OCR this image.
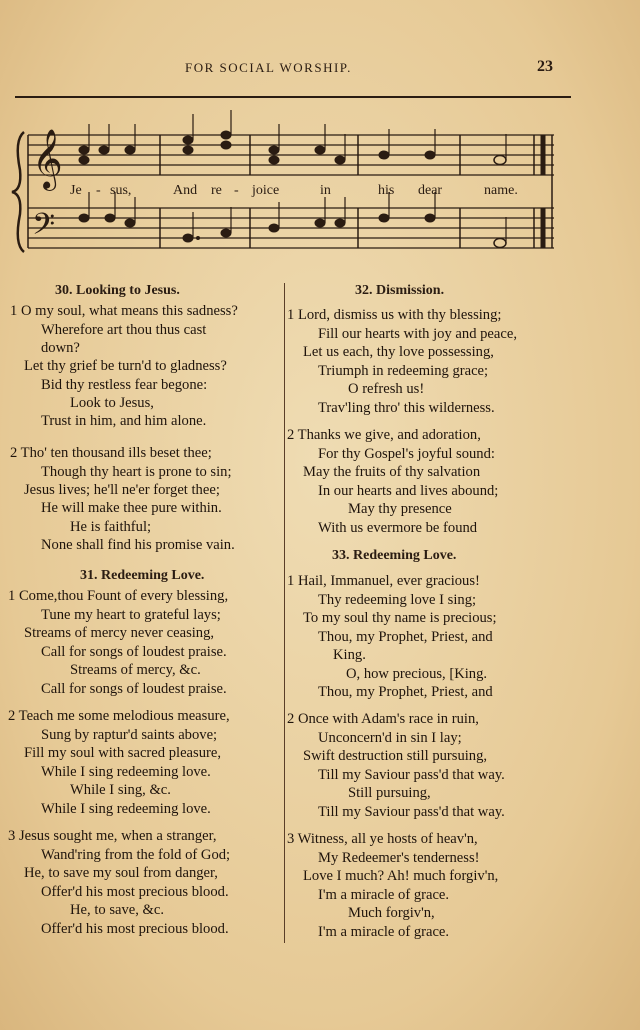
FOR SOCIAL WORSHIP.	23
𝄞
𝄢
Je - sus,	And re - joice	in	his dear	name.
30. Looking to Jesus.
1 O my soul, what means this sadness?
Wherefore art thou thus cast
down?
Let thy grief be turn'd to gladness?
Bid thy restless fear begone:
Look to Jesus,
Trust in him, and him alone.
2 Tho' ten thousand ills beset thee;
Though thy heart is prone to sin;
Jesus lives; he'll ne'er forget thee;
He will make thee pure within.
He is faithful;
None shall find his promise vain.
31. Redeeming Love.
1 Come,thou Fount of every blessing,
Tune my heart to grateful lays;
Streams of mercy never ceasing,
Call for songs of loudest praise.
Streams of mercy, &c.
Call for songs of loudest praise.
2 Teach me some melodious measure,
Sung by raptur'd saints above;
Fill my soul with sacred pleasure,
While I sing redeeming love.
While I sing, &c.
While I sing redeeming love.
3 Jesus sought me, when a stranger,
Wand'ring from the fold of God;
He, to save my soul from danger,
Offer'd his most precious blood.
He, to save, &c.
Offer'd his most precious blood.
32. Dismission.
1 Lord, dismiss us with thy blessing;
Fill our hearts with joy and peace,
Let us each, thy love possessing,
Triumph in redeeming grace;
O refresh us!
Trav'ling thro' this wilderness.
2 Thanks we give, and adoration,
For thy Gospel's joyful sound:
May the fruits of thy salvation
In our hearts and lives abound;
May thy presence
With us evermore be found
33. Redeeming Love.
1 Hail, Immanuel, ever gracious!
Thy redeeming love I sing;
To my soul thy name is precious;
Thou, my Prophet, Priest, and
King.
O, how precious, [King.
Thou, my Prophet, Priest, and
2 Once with Adam's race in ruin,
Unconcern'd in sin I lay;
Swift destruction still pursuing,
Till my Saviour pass'd that way.
Still pursuing,
Till my Saviour pass'd that way.
3 Witness, all ye hosts of heav'n,
My Redeemer's tenderness!
Love I much? Ah! much forgiv'n,
I'm a miracle of grace.
Much forgiv'n,
I'm a miracle of grace.
